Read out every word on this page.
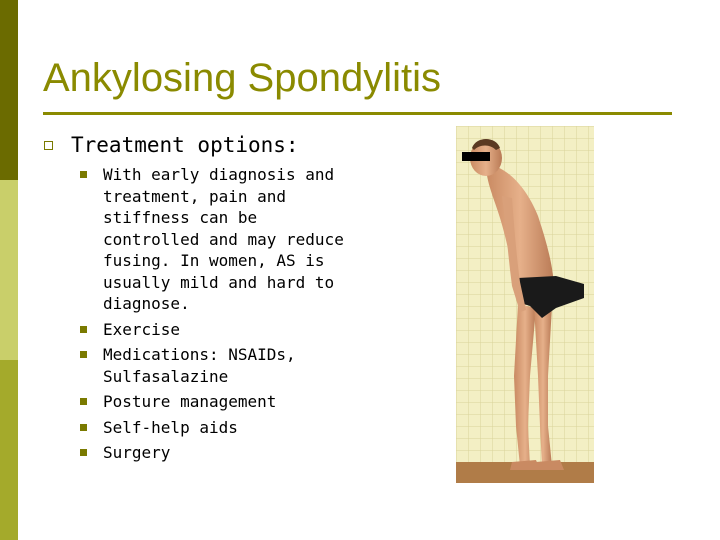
Ankylosing Spondylitis
Treatment options:
With early diagnosis and treatment, pain and stiffness can be controlled and may reduce fusing. In women, AS is usually mild and hard to diagnose.
Exercise
Medications: NSAIDs, Sulfasalazine
Posture management
Self-help aids
Surgery
